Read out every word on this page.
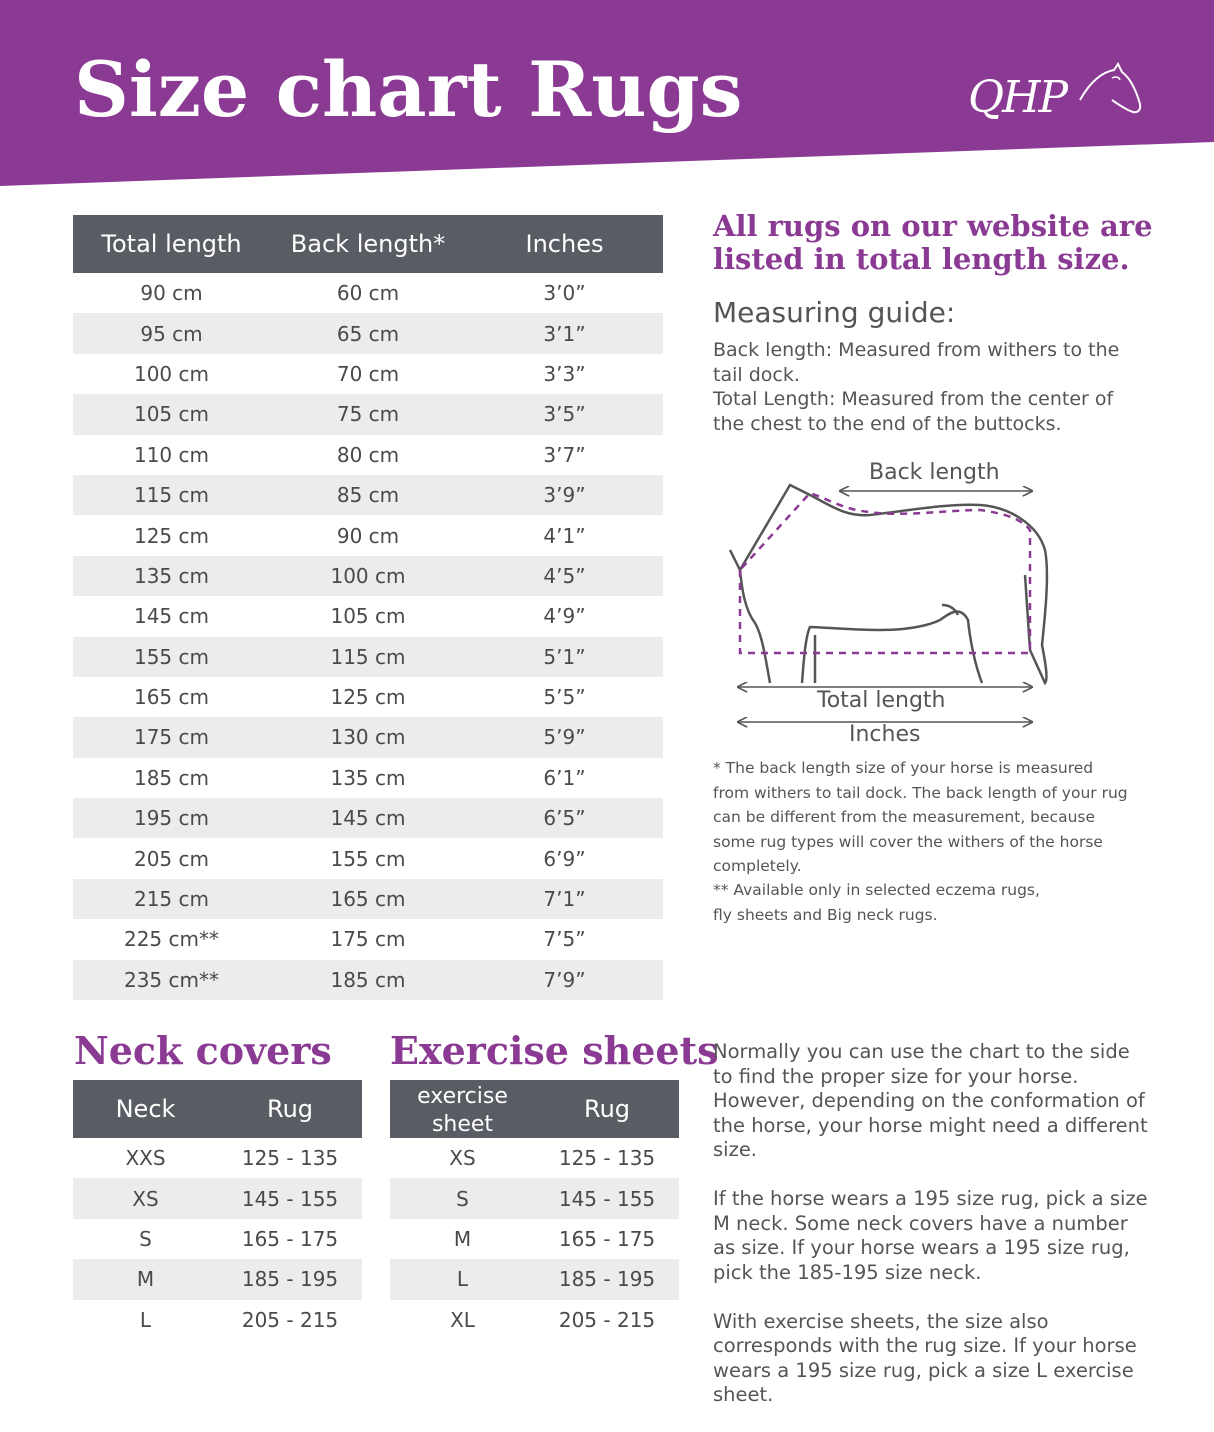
Size chart Rugs	QHP
Total length	Back length*	Inches
90 cm	60 cm	3’0”
95 cm	65 cm	3’1”
100 cm	70 cm	3’3”
105 cm	75 cm	3’5”
110 cm	80 cm	3’7”
115 cm	85 cm	3’9”
125 cm	90 cm	4’1”
135 cm	100 cm	4’5”
145 cm	105 cm	4’9”
155 cm	115 cm	5’1”
165 cm	125 cm	5’5”
175 cm	130 cm	5’9”
185 cm	135 cm	6’1”
195 cm	145 cm	6’5”
205 cm	155 cm	6’9”
215 cm	165 cm	7’1”
225 cm**	175 cm	7’5”
235 cm**	185 cm	7’9”
All rugs on our website are listed in total length size.
Measuring guide:

Back length: Measured from withers to the tail dock.

Total Length: Measured from the center of the chest to the end of the buttocks.

Back length
Total length
Inches

* The back length size of your horse is measured from withers to tail dock. The back length of your rug can be different from the measurement, because some rug types will cover the withers of the horse completely.

** Available only in selected eczema rugs, fly sheets and Big neck rugs.

Neck covers
Neck	Rug
XXS	125 - 135
XS	145 - 155
S	165 - 175
M	185 - 195
L	205 - 215
Exercise sheets
exercise
sheet	Rug
XS	125 - 135
S	145 - 155
M	165 - 175
L	185 - 195
XL	205 - 215

Normally you can use the chart to the side to find the proper size for your horse. However, depending on the conformation of the horse, your horse might need a different size.

If the horse wears a 195 size rug, pick a size M neck. Some neck covers have a number as size. If your horse wears a 195 size rug, pick the 185-195 size neck.

With exercise sheets, the size also corresponds with the rug size. If your horse wears a 195 size rug, pick a size L exercise sheet.
